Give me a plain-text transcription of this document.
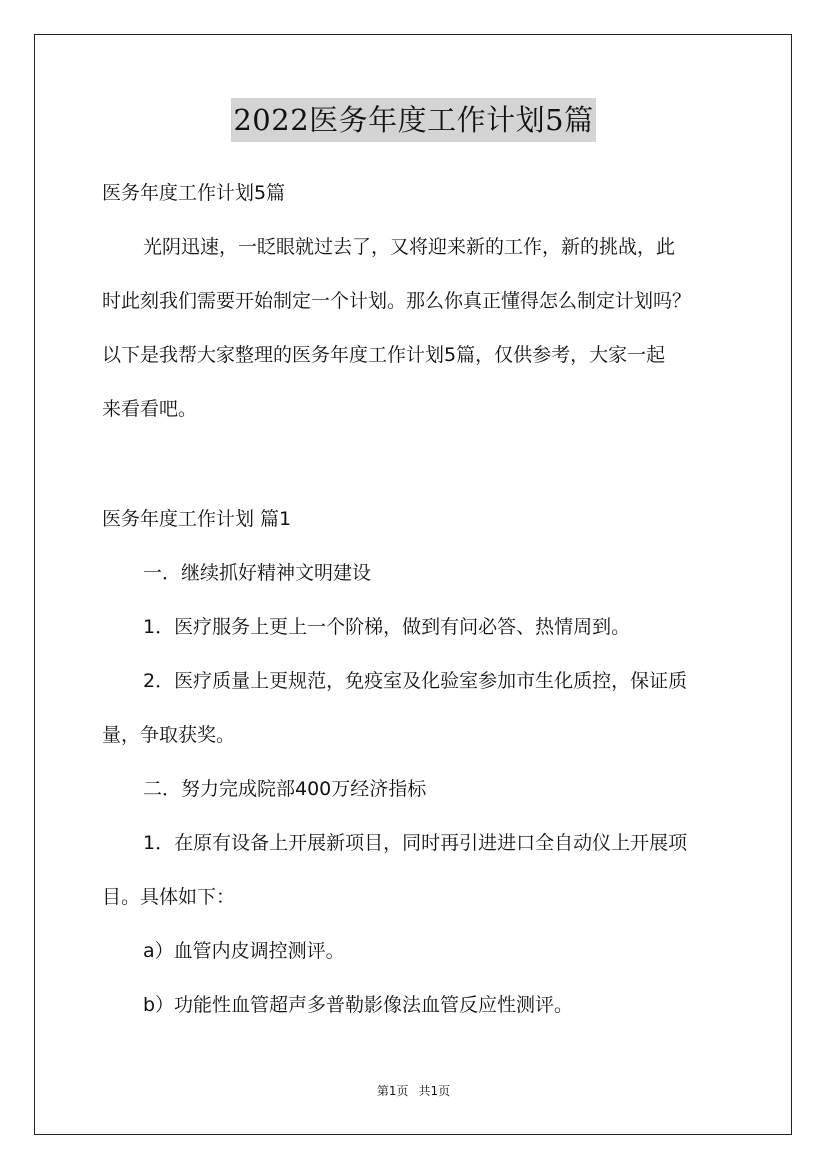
2022医务年度工作计划5篇
医务年度工作计划5篇
光阴迅速，一眨眼就过去了，又将迎来新的工作，新的挑战，此
时此刻我们需要开始制定一个计划。那么你真正懂得怎么制定计划吗？
以下是我帮大家整理的医务年度工作计划5篇，仅供参考，大家一起
来看看吧。
医务年度工作计划 篇1
一．继续抓好精神文明建设
1．医疗服务上更上一个阶梯，做到有问必答、热情周到。
2．医疗质量上更规范，免疫室及化验室参加市生化质控，保证质
量，争取获奖。
二．努力完成院部400万经济指标
1．在原有设备上开展新项目，同时再引进进口全自动仪上开展项
目。具体如下：
a）血管内皮调控测评。
b）功能性血管超声多普勒影像法血管反应性测评。
第1页 共1页
